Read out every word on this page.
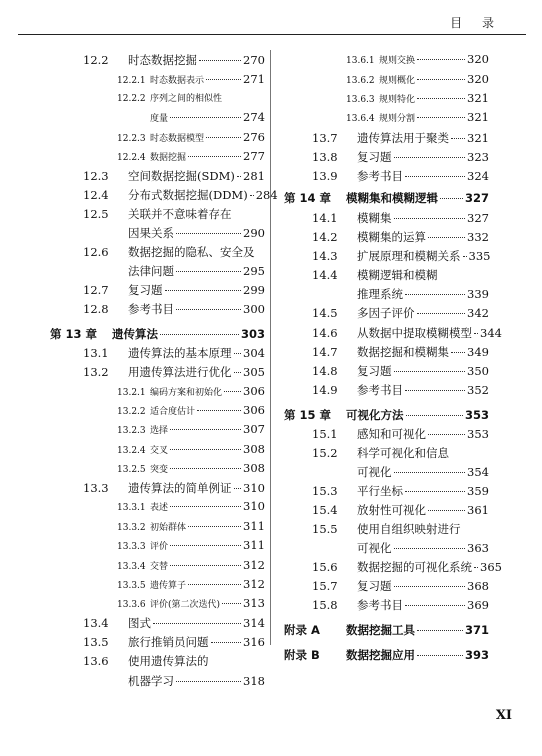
目 录
12.2	时态数据挖掘	270
12.2.1 时态数据表示	271
12.2.2 序列之间的相似性
度量	274
12.2.3 时态数据模型	276
12.2.4 数据挖掘	277
12.3	空间数据挖掘(SDM) 281
12.4	分布式数据挖掘(DDM) 284
12.5	关联并不意味着存在
因果关系	290
12.6	数据挖掘的隐私、安全及
法律问题	295
12.7	复习题	299
12.8	参考书目	300
第 13 章	遗传算法	303
13.1	遗传算法的基本原理 304
13.2	用遗传算法进行优化 305
13.2.1 编码方案和初始化 306
13.2.2 适合度估计	306
13.2.3 选择	307
13.2.4 交叉	308
13.2.5 突变	308
13.3	遗传算法的简单例证 310
13.3.1 表述	310
13.3.2 初始群体	311
13.3.3 评价	311
13.3.4 交替	312
13.3.5 遗传算子	312
13.3.6 评价(第二次迭代) 313
13.4	图式	314
13.5	旅行推销员问题	316
13.6	使用遗传算法的
机器学习	318
13.6.1 规则交换	320
13.6.2 规则概化	320
13.6.3 规则特化	321
13.6.4 规则分割	321
13.7	遗传算法用于聚类 321
13.8	复习题	323
13.9	参考书目	324
第 14 章	模糊集和模糊逻辑 327
14.1	模糊集	327
14.2	模糊集的运算	332
14.3	扩展原理和模糊关系 335
14.4	模糊逻辑和模糊
推理系统	339
14.5	多因子评价	342
14.6	从数据中提取模糊模型 344
14.7	数据挖掘和模糊集 349
14.8	复习题	350
14.9	参考书目	352
第 15 章	可视化方法	353
15.1	感知和可视化	353
15.2	科学可视化和信息
可视化	354
15.3	平行坐标	359
15.4	放射性可视化	361
15.5	使用自组织映射进行
可视化	363
15.6	数据挖掘的可视化系统 365
15.7	复习题	368
15.8	参考书目	369
附录 A	数据挖掘工具	371
附录 B	数据挖掘应用	393
XI
